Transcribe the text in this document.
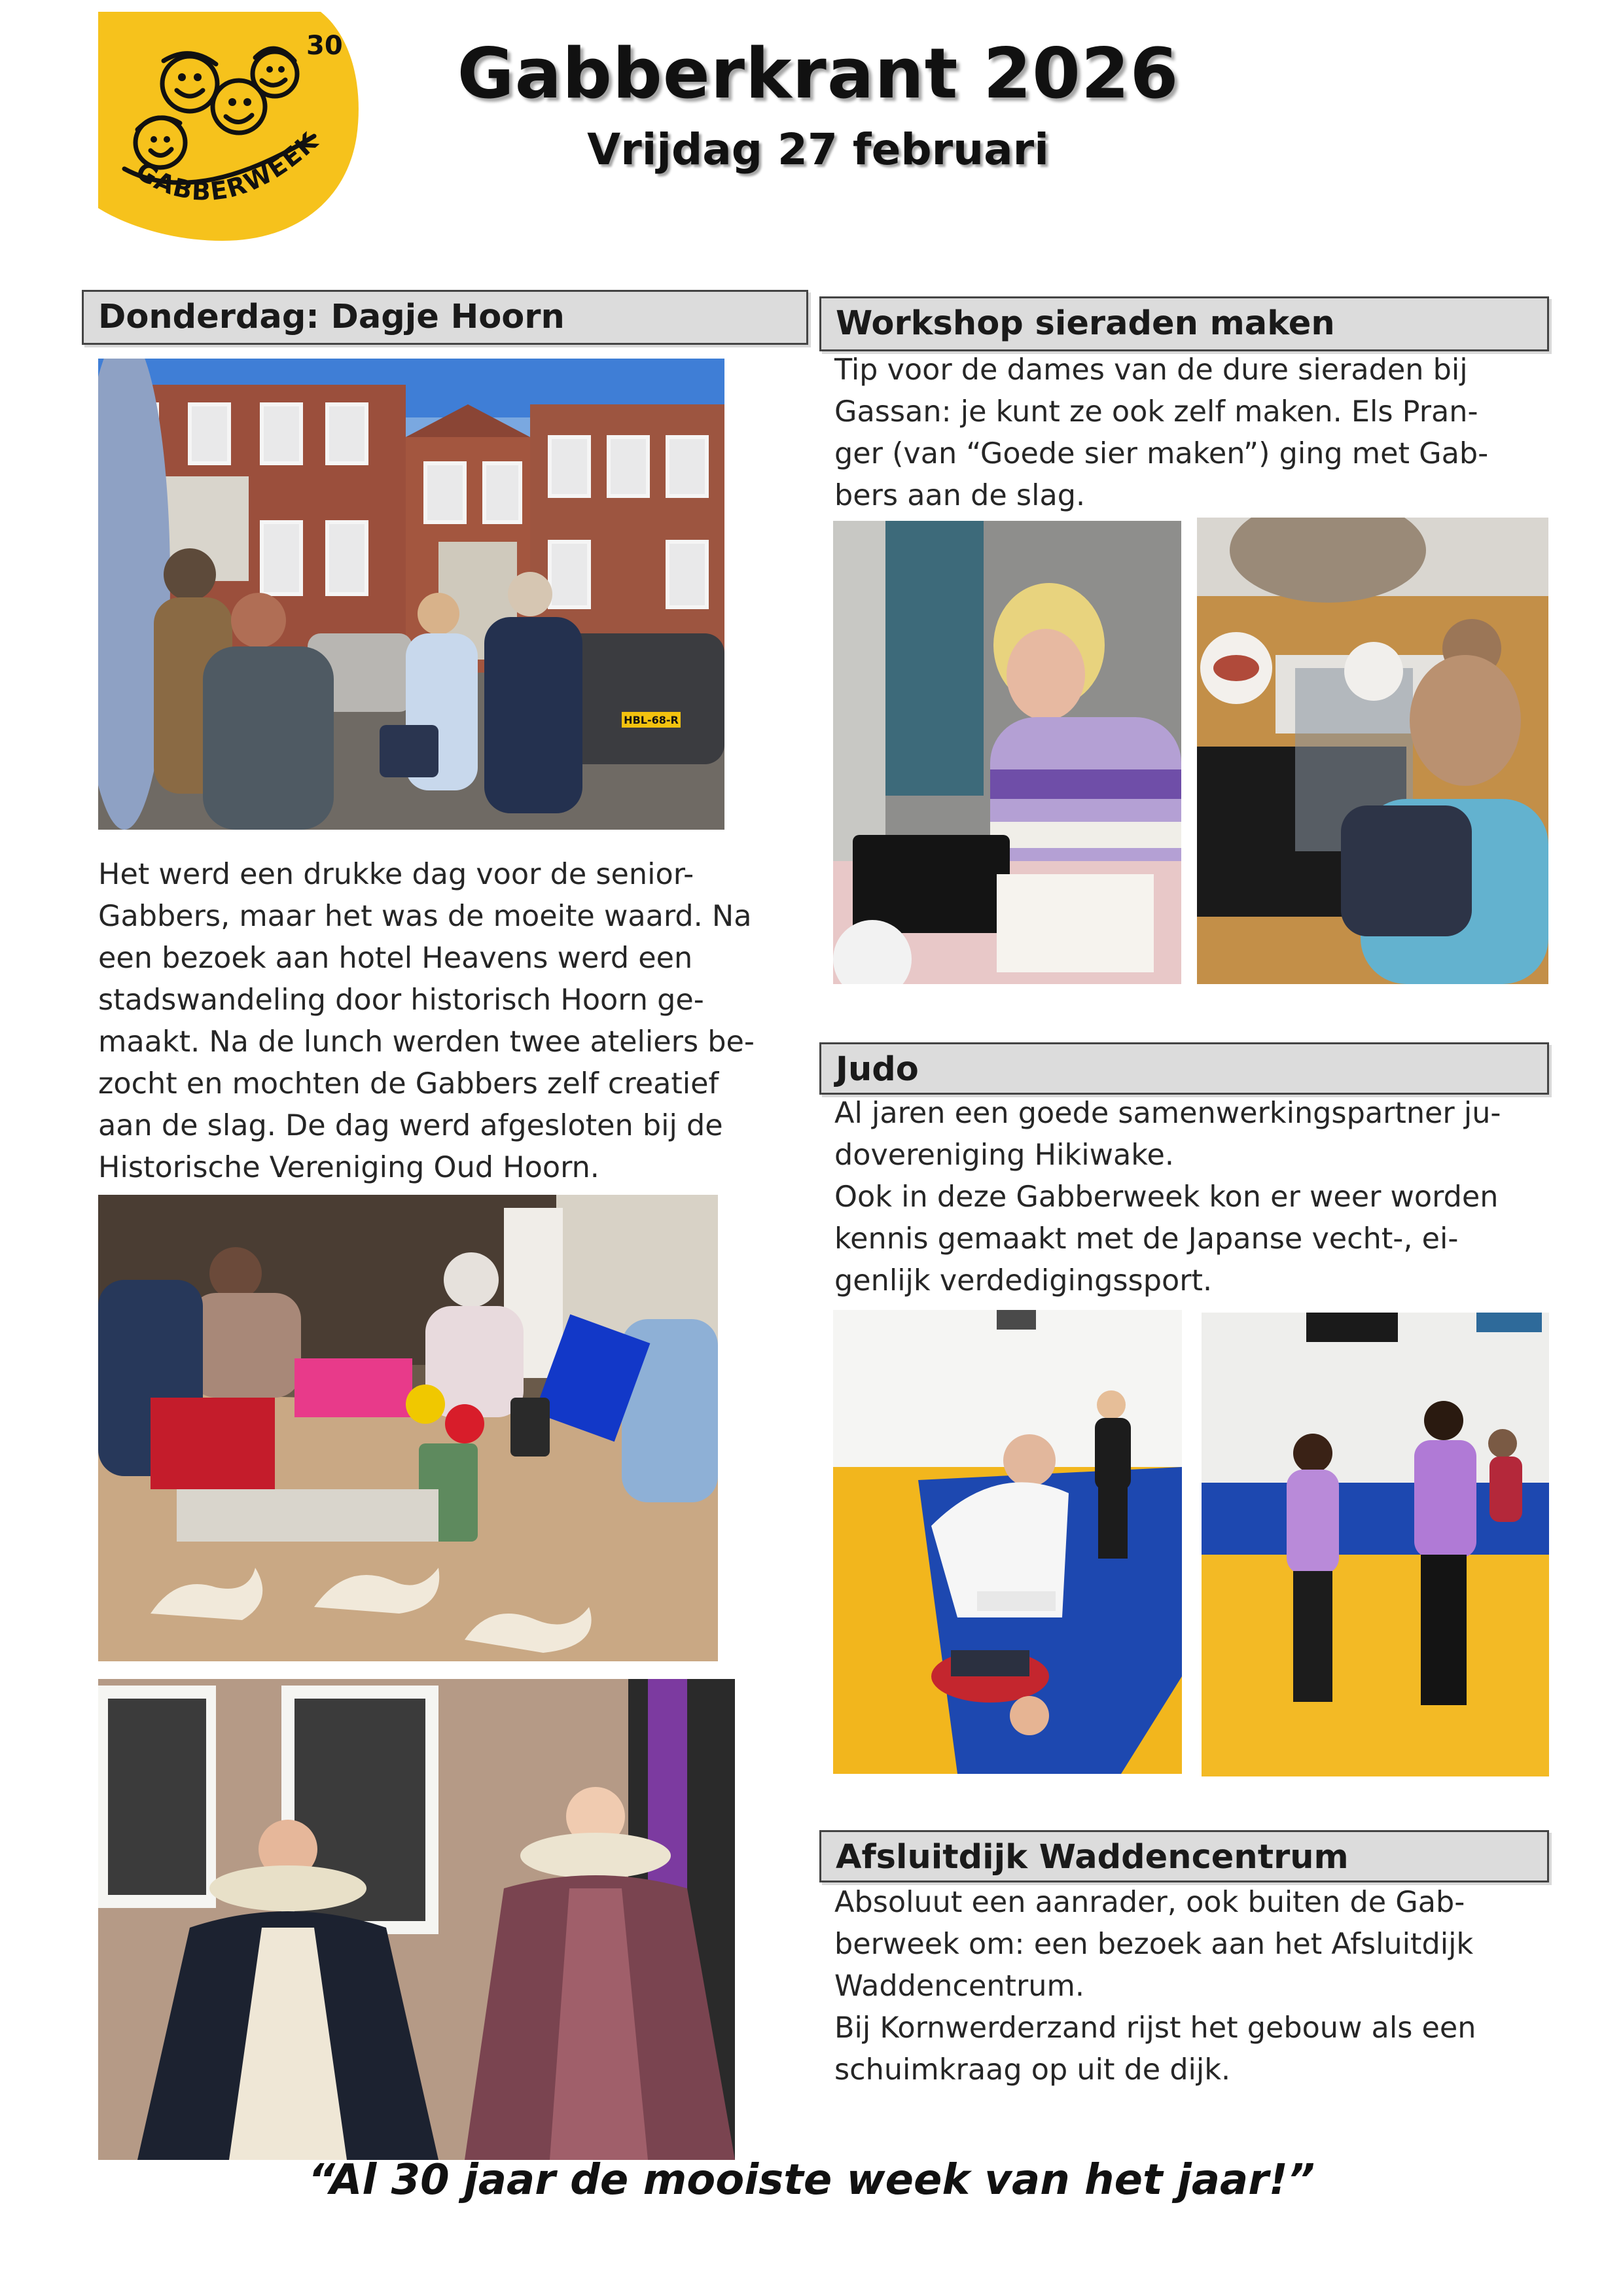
30
GABBERWEEK
Gabberkrant 2026
Vrijdag 27 februari
Donderdag: Dagje Hoorn
HBL-68-R

Het werd een drukke dag voor de senior-

Gabbers, maar het was de moeite waard. Na

een bezoek aan hotel Heavens werd een

stadswandeling door historisch Hoorn ge-

maakt. Na de lunch werden twee ateliers be-

zocht en mochten de Gabbers zelf creatief

aan de slag. De dag werd afgesloten bij de

Historische Vereniging Oud Hoorn.

Workshop sieraden maken

Tip voor de dames van de dure sieraden bij

Gassan: je kunt ze ook zelf maken. Els Pran-

ger (van “Goede sier maken”) ging met Gab-

bers aan de slag.

Judo

Al jaren een goede samenwerkingspartner ju-

dovereniging Hikiwake.

Ook in deze Gabberweek kon er weer worden

kennis gemaakt met de Japanse vecht-, ei-

genlijk verdedigingssport.

Afsluitdijk Waddencentrum

Absoluut een aanrader, ook buiten de Gab-

berweek om: een bezoek aan het Afsluitdijk

Waddencentrum.

Bij Kornwerderzand rijst het gebouw als een

schuimkraag op uit de dijk.

“Al 30 jaar de mooiste week van het jaar!”
